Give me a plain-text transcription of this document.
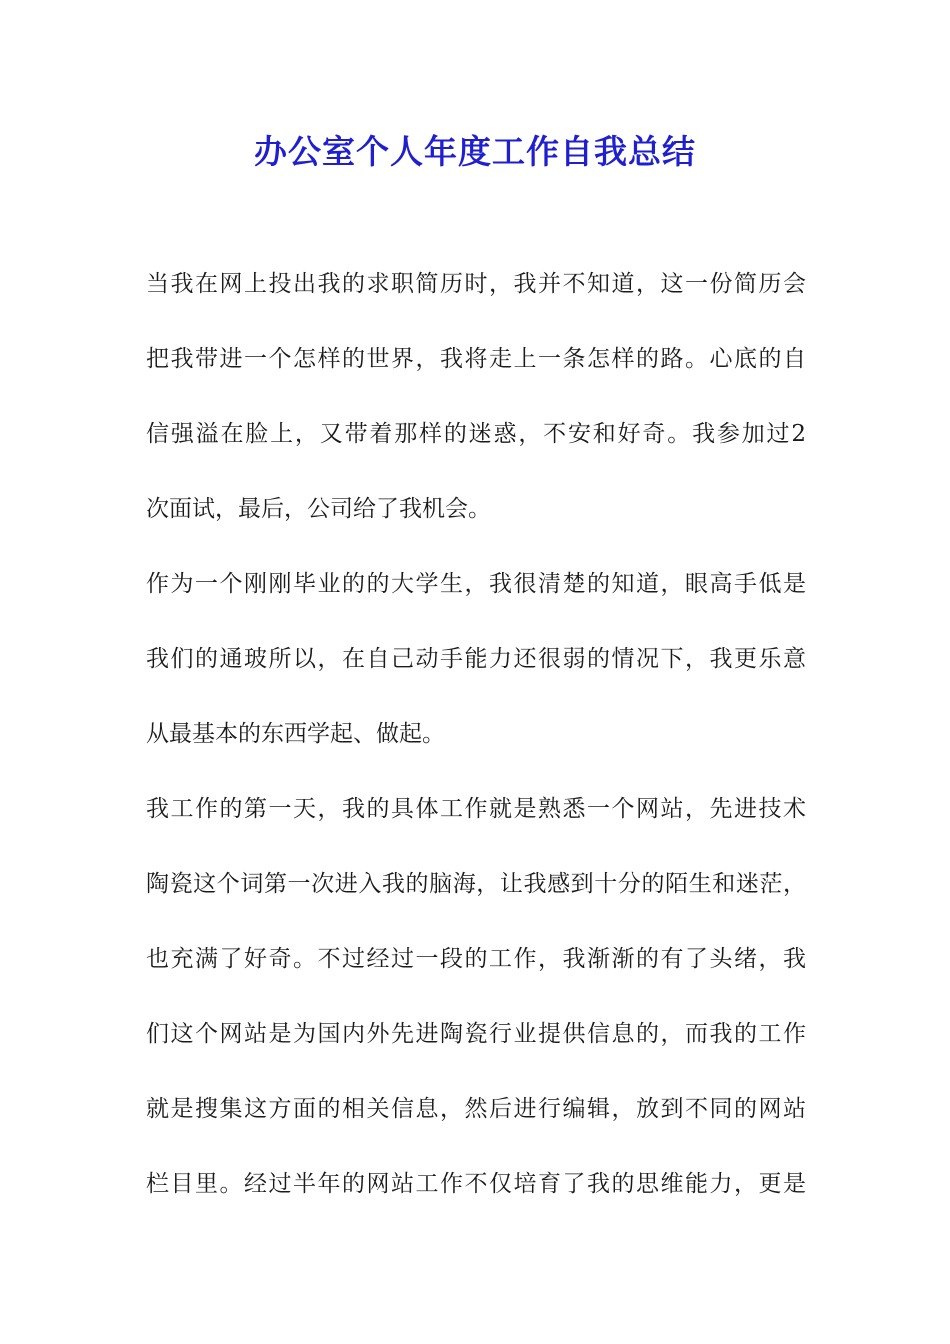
办公室个人年度工作自我总结
当我在网上投出我的求职简历时，我并不知道，这一份简历会
把我带进一个怎样的世界，我将走上一条怎样的路。心底的自
信强溢在脸上，又带着那样的迷惑，不安和好奇。我参加过2
次面试，最后，公司给了我机会。
作为一个刚刚毕业的的大学生，我很清楚的知道，眼高手低是
我们的通玻所以，在自己动手能力还很弱的情况下，我更乐意
从最基本的东西学起、做起。
我工作的第一天，我的具体工作就是熟悉一个网站，先进技术
陶瓷这个词第一次进入我的脑海，让我感到十分的陌生和迷茫，
也充满了好奇。不过经过一段的工作，我渐渐的有了头绪，我
们这个网站是为国内外先进陶瓷行业提供信息的，而我的工作
就是搜集这方面的相关信息，然后进行编辑，放到不同的网站
栏目里。经过半年的网站工作不仅培育了我的思维能力，更是
